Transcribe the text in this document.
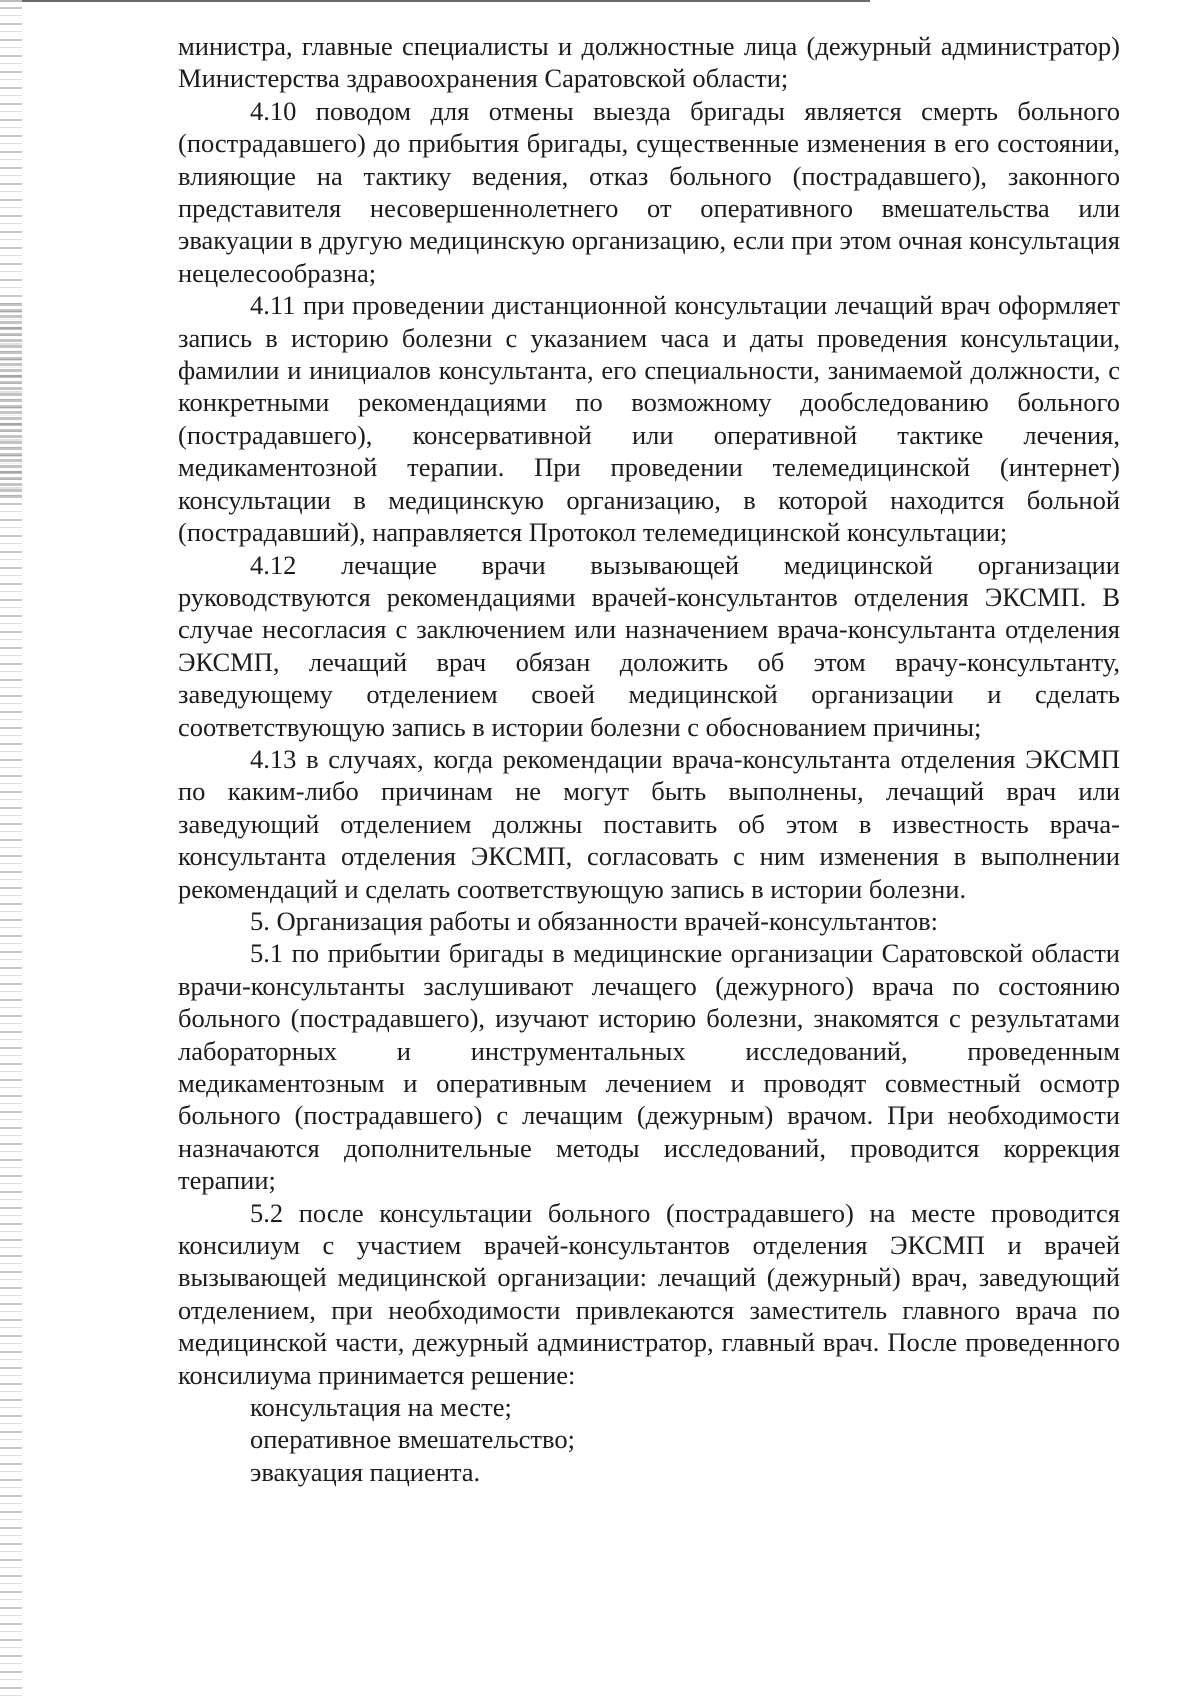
министра, главные специалисты и должностные лица (дежурный администратор) Министерства здравоохранения Саратовской области;

4.10 поводом для отмены выезда бригады является смерть больного (пострадавшего) до прибытия бригады, существенные изменения в его состоянии, влияющие на тактику ведения, отказ больного (пострадавшего), законного представителя несовершеннолетнего от оперативного вмешательства или эвакуации в другую медицинскую организацию, если при этом очная консультация нецелесообразна;

4.11 при проведении дистанционной консультации лечащий врач оформляет запись в историю болезни с указанием часа и даты проведения консультации, фамилии и инициалов консультанта, его специальности, занимаемой должности, с конкретными рекомендациями по возможному дообследованию больного (пострадавшего), консервативной или оперативной тактике лечения, медикаментозной терапии. При проведении телемедицинской (интернет) консультации в медицинскую организацию, в которой находится больной (пострадавший), направляется Протокол телемедицинской консультации;

4.12 лечащие врачи вызывающей медицинской организации руководствуются рекомендациями врачей-консультантов отделения ЭКСМП. В случае несогласия с заключением или назначением врача-консультанта отделения ЭКСМП, лечащий врач обязан доложить об этом врачу-консультанту, заведующему отделением своей медицинской организации и сделать соответствующую запись в истории болезни с обоснованием причины;

4.13 в случаях, когда рекомендации врача-консультанта отделения ЭКСМП по каким-либо причинам не могут быть выполнены, лечащий врач или заведующий отделением должны поставить об этом в известность врача-консультанта отделения ЭКСМП, согласовать с ним изменения в выполнении рекомендаций и сделать соответствующую запись в истории болезни.

5. Организация работы и обязанности врачей-консультантов:

5.1 по прибытии бригады в медицинские организации Саратовской области врачи-консультанты заслушивают лечащего (дежурного) врача по состоянию больного (пострадавшего), изучают историю болезни, знакомятся с результатами лабораторных и инструментальных исследований, проведенным медикаментозным и оперативным лечением и проводят совместный осмотр больного (пострадавшего) с лечащим (дежурным) врачом. При необходимости назначаются дополнительные методы исследований, проводится коррекция терапии;

5.2 после консультации больного (пострадавшего) на месте проводится консилиум с участием врачей-консультантов отделения ЭКСМП и врачей вызывающей медицинской организации: лечащий (дежурный) врач, заведующий отделением, при необходимости привлекаются заместитель главного врача по медицинской части, дежурный администратор, главный врач. После проведенного консилиума принимается решение:

консультация на месте;
оперативное вмешательство;
эвакуация пациента.
